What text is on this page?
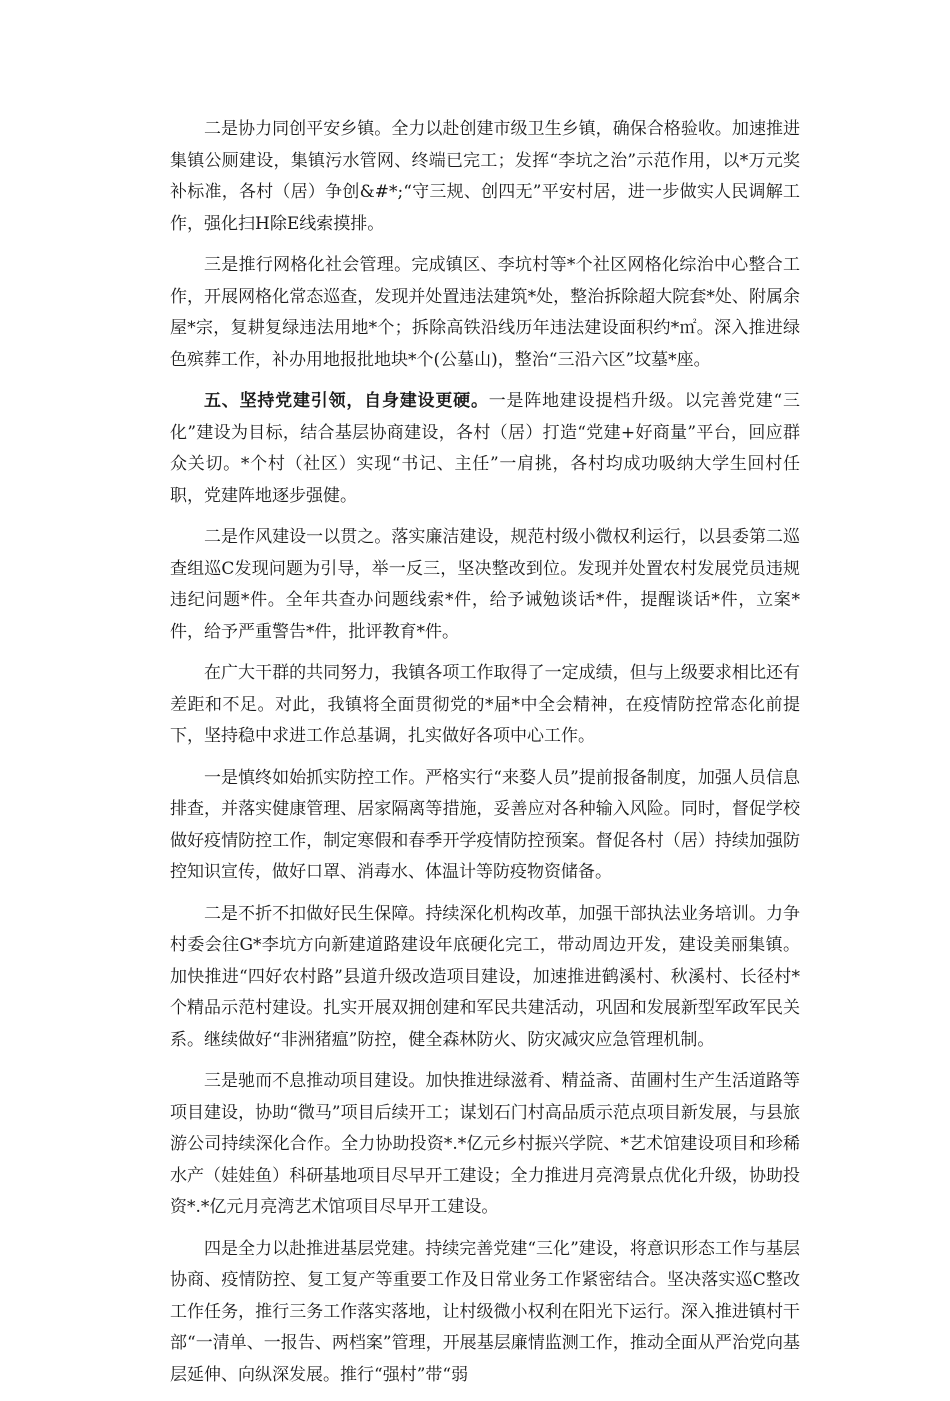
二是协力同创平安乡镇。全力以赴创建市级卫生乡镇，确保合格验收。加速推进集镇公厕建设，集镇污水管网、终端已完工；发挥“李坑之治”示范作用，以*万元奖补标准，各村（居）争创&#*;“守三规、创四无”平安村居，进一步做实人民调解工作，强化扫H除E线索摸排。

三是推行网格化社会管理。完成镇区、李坑村等*个社区网格化综治中心整合工作，开展网格化常态巡查，发现并处置违法建筑*处，整治拆除超大院套*处、附属余屋*宗，复耕复绿违法用地*个；拆除高铁沿线历年违法建设面积约*㎡。深入推进绿色殡葬工作，补办用地报批地块*个(公墓山)，整治“三沿六区”坟墓*座。

五、坚持党建引领，自身建设更硬。一是阵地建设提档升级。以完善党建“三化”建设为目标，结合基层协商建设，各村（居）打造“党建+好商量”平台，回应群众关切。*个村（社区）实现“书记、主任”一肩挑，各村均成功吸纳大学生回村任职，党建阵地逐步强健。

二是作风建设一以贯之。落实廉洁建设，规范村级小微权利运行，以县委第二巡查组巡C发现问题为引导，举一反三，坚决整改到位。发现并处置农村发展党员违规违纪问题*件。全年共查办问题线索*件，给予诫勉谈话*件，提醒谈话*件，立案*件，给予严重警告*件，批评教育*件。

在广大干群的共同努力，我镇各项工作取得了一定成绩，但与上级要求相比还有差距和不足。对此，我镇将全面贯彻党的*届*中全会精神，在疫情防控常态化前提下，坚持稳中求进工作总基调，扎实做好各项中心工作。

一是慎终如始抓实防控工作。严格实行“来婺人员”提前报备制度，加强人员信息排查，并落实健康管理、居家隔离等措施，妥善应对各种输入风险。同时，督促学校做好疫情防控工作，制定寒假和春季开学疫情防控预案。督促各村（居）持续加强防控知识宣传，做好口罩、消毒水、体温计等防疫物资储备。

二是不折不扣做好民生保障。持续深化机构改革，加强干部执法业务培训。力争村委会往G*李坑方向新建道路建设年底硬化完工，带动周边开发，建设美丽集镇。加快推进“四好农村路”县道升级改造项目建设，加速推进鹤溪村、秋溪村、长径村*个精品示范村建设。扎实开展双拥创建和军民共建活动，巩固和发展新型军政军民关系。继续做好“非洲猪瘟”防控，健全森林防火、防灾减灾应急管理机制。

三是驰而不息推动项目建设。加快推进绿滋肴、精益斋、苗圃村生产生活道路等项目建设，协助“微马”项目后续开工；谋划石门村高品质示范点项目新发展，与县旅游公司持续深化合作。全力协助投资*.*亿元乡村振兴学院、*艺术馆建设项目和珍稀水产（娃娃鱼）科研基地项目尽早开工建设；全力推进月亮湾景点优化升级，协助投资*.*亿元月亮湾艺术馆项目尽早开工建设。

四是全力以赴推进基层党建。持续完善党建“三化”建设，将意识形态工作与基层协商、疫情防控、复工复产等重要工作及日常业务工作紧密结合。坚决落实巡C整改工作任务，推行三务工作落实落地，让村级微小权利在阳光下运行。深入推进镇村干部“一清单、一报告、两档案”管理，开展基层廉情监测工作，推动全面从严治党向基层延伸、向纵深发展。推行“强村”带“弱
